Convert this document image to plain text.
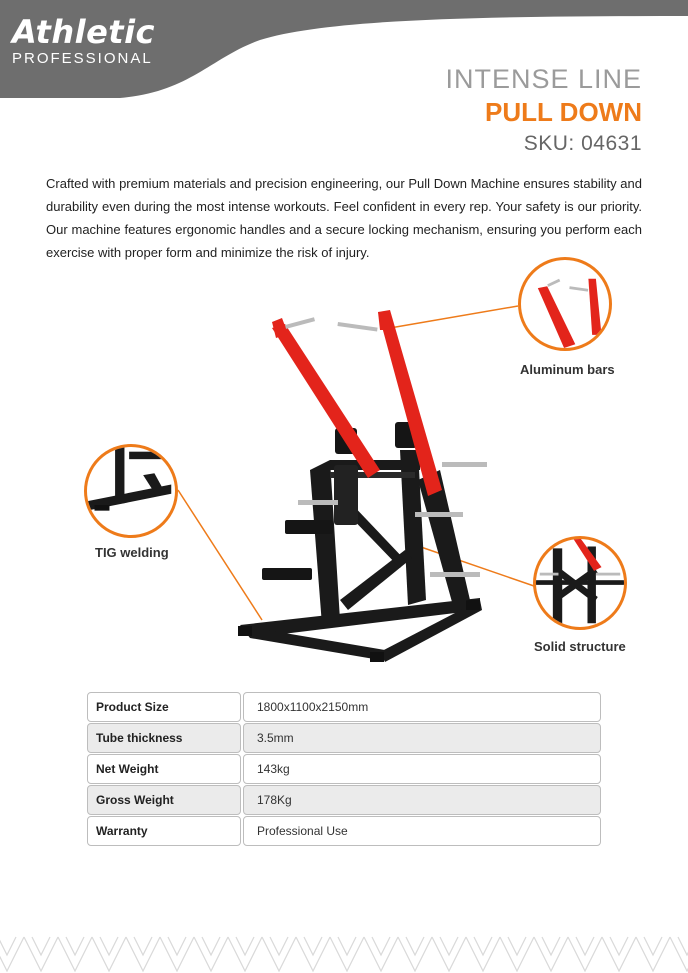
Athletic
PROFESSIONAL
INTENSE LINE
PULL DOWN
SKU: 04631
Crafted with premium materials and precision engineering, our Pull Down Machine ensures stability and durability even during the most intense workouts. Feel confident in every rep. Your safety is our priority. Our machine features ergonomic handles and a secure locking mechanism, ensuring you perform each exercise with proper form and minimize the risk of injury.
Aluminum bars
TIG welding
Solid structure
Product Size	1800x1100x2150mm
Tube thickness	3.5mm
Net Weight	143kg
Gross Weight	178Kg
Warranty	Professional Use
